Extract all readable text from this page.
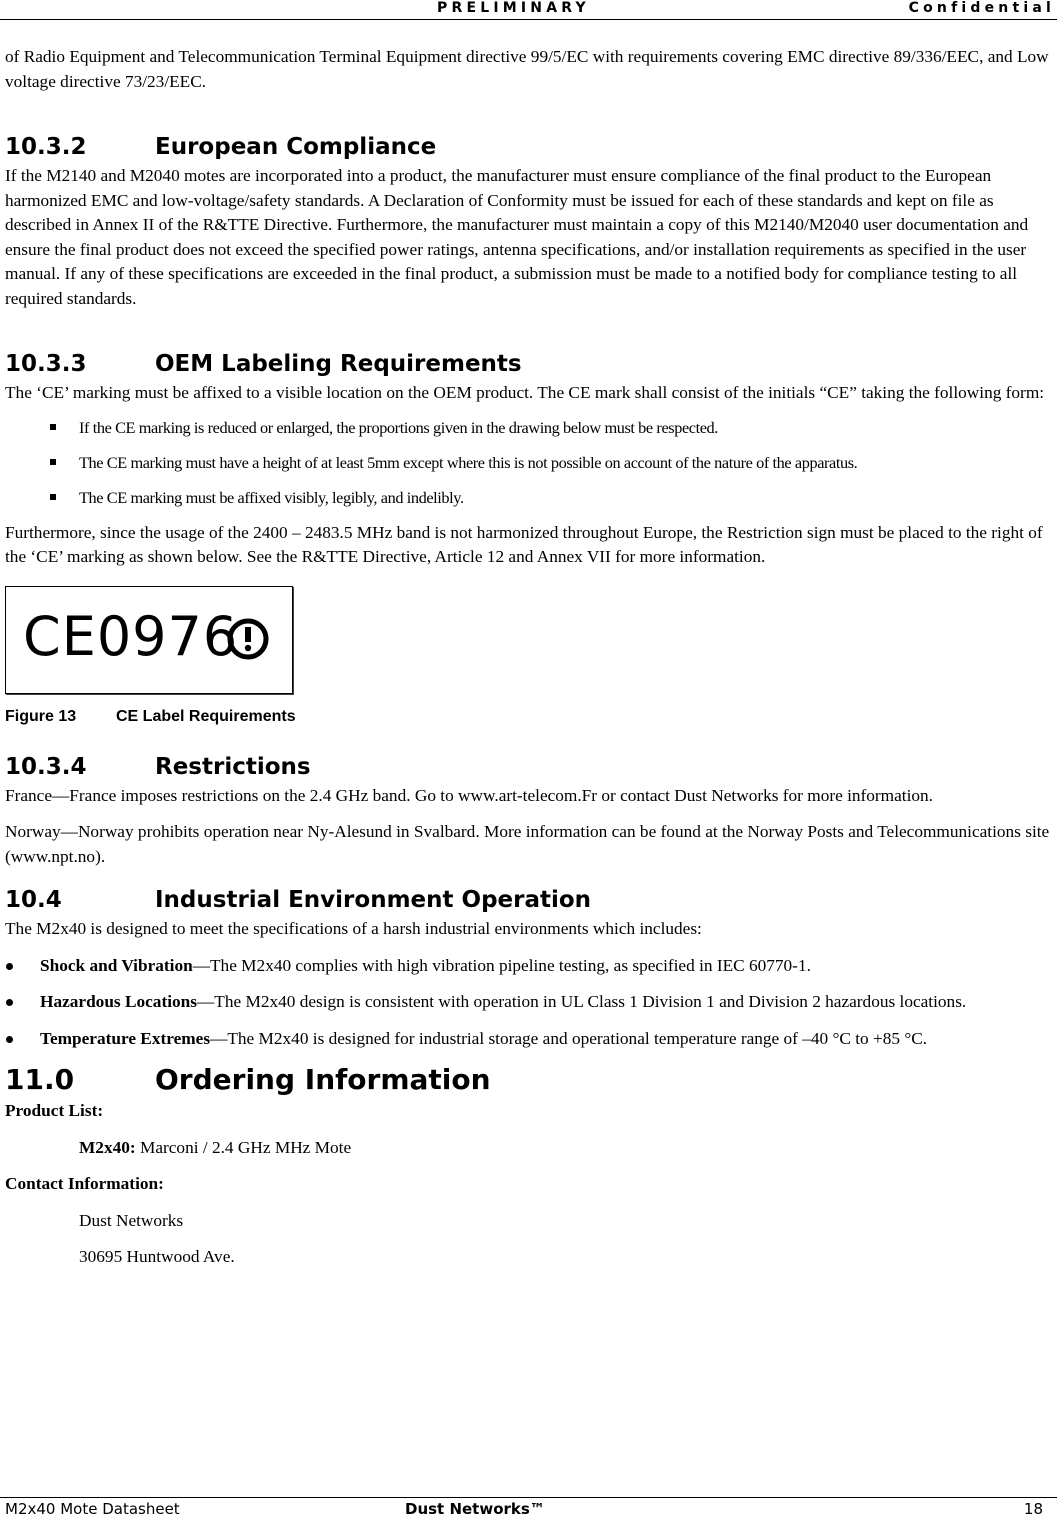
PRELIMINARY	Confidential

of Radio Equipment and Telecommunication Terminal Equipment directive 99/5/EC with requirements covering EMC directive 89/336/EEC, and Low voltage directive 73/23/EEC.

10.3.2	European Compliance

If the M2140 and M2040 motes are incorporated into a product, the manufacturer must ensure compliance of the final product to the European harmonized EMC and low-voltage/safety standards. A Declaration of Conformity must be issued for each of these standards and kept on file as described in Annex II of the R&TTE Directive. Furthermore, the manufacturer must maintain a copy of this M2140/M2040 user documentation and ensure the final product does not exceed the specified power ratings, antenna specifications, and/or installation requirements as specified in the user manual. If any of these specifications are exceeded in the final product, a submission must be made to a notified body for compliance testing to all required standards.

10.3.3	OEM Labeling Requirements

The ‘CE’ marking must be affixed to a visible location on the OEM product. The CE mark shall consist of the initials “CE” taking the following form:

If the CE marking is reduced or enlarged, the proportions given in the drawing below must be respected.
The CE marking must have a height of at least 5mm except where this is not possible on account of the nature of the apparatus.
The CE marking must be affixed visibly, legibly, and indelibly.

Furthermore, since the usage of the 2400 – 2483.5 MHz band is not harmonized throughout Europe, the Restriction sign must be placed to the right of the ‘CE’ marking as shown below. See the R&TTE Directive, Article 12 and Annex VII for more information.

CE0976
Figure 13 CE Label Requirements
10.3.4	Restrictions

France—France imposes restrictions on the 2.4 GHz band. Go to www.art-telecom.Fr or contact Dust Networks for more information.

Norway—Norway prohibits operation near Ny-Alesund in Svalbard. More information can be found at the Norway Posts and Telecommunications site (www.npt.no).

10.4	Industrial Environment Operation

The M2x40 is designed to meet the specifications of a harsh industrial environments which includes:

Shock and Vibration—The M2x40 complies with high vibration pipeline testing, as specified in IEC 60770-1.
Hazardous Locations—The M2x40 design is consistent with operation in UL Class 1 Division 1 and Division 2 hazardous locations.
Temperature Extremes—The M2x40 is designed for industrial storage and operational temperature range of –40 °C to +85 °C.
11.0	Ordering Information

Product List:

M2x40: Marconi / 2.4 GHz MHz Mote

Contact Information:

Dust Networks

30695 Huntwood Ave.

M2x40 Mote Datasheet	Dust Networks™	18
